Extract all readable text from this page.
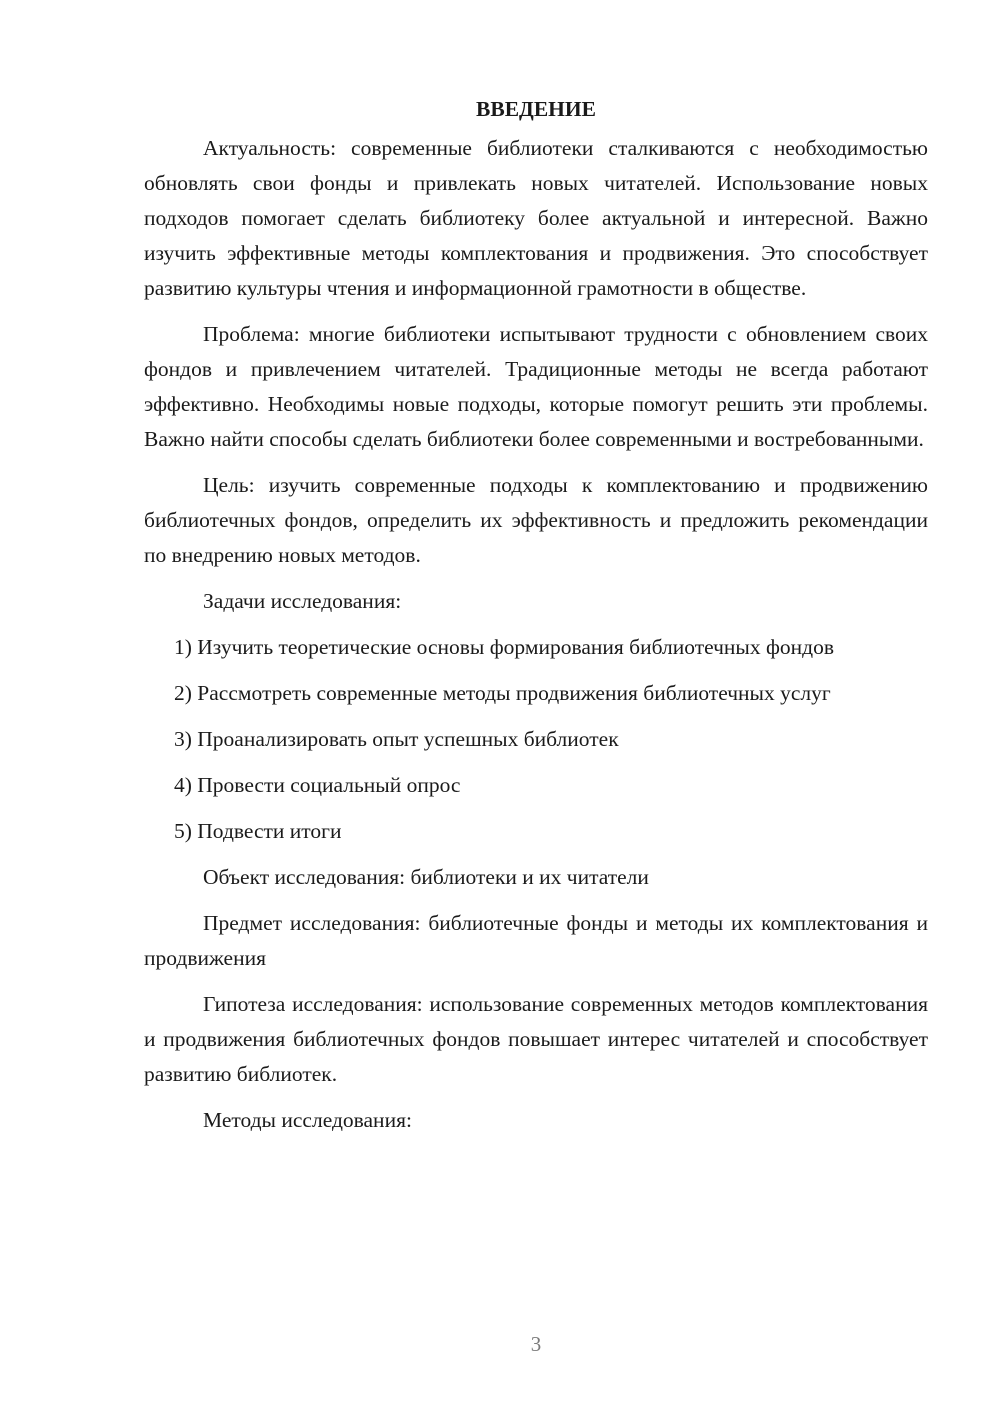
ВВЕДЕНИЕ

Актуальность: современные библиотеки сталкиваются с необходимостью обновлять свои фонды и привлекать новых читателей. Использование новых подходов помогает сделать библиотеку более актуальной и интересной. Важно изучить эффективные методы комплектования и продвижения. Это способствует развитию культуры чтения и информационной грамотности в обществе.

Проблема: многие библиотеки испытывают трудности с обновлением своих фондов и привлечением читателей. Традиционные методы не всегда работают эффективно. Необходимы новые подходы, которые помогут решить эти проблемы. Важно найти способы сделать библиотеки более современными и востребованными.

Цель: изучить современные подходы к комплектованию и продвижению библиотечных фондов, определить их эффективность и предложить рекомендации по внедрению новых методов.

Задачи исследования:

1) Изучить теоретические основы формирования библиотечных фондов

2) Рассмотреть современные методы продвижения библиотечных услуг

3) Проанализировать опыт успешных библиотек

4) Провести социальный опрос

5) Подвести итоги

Объект исследования: библиотеки и их читатели

Предмет исследования: библиотечные фонды и методы их комплектования и продвижения

Гипотеза исследования: использование современных методов комплектования и продвижения библиотечных фондов повышает интерес читателей и способствует развитию библиотек.

Методы исследования:

3
